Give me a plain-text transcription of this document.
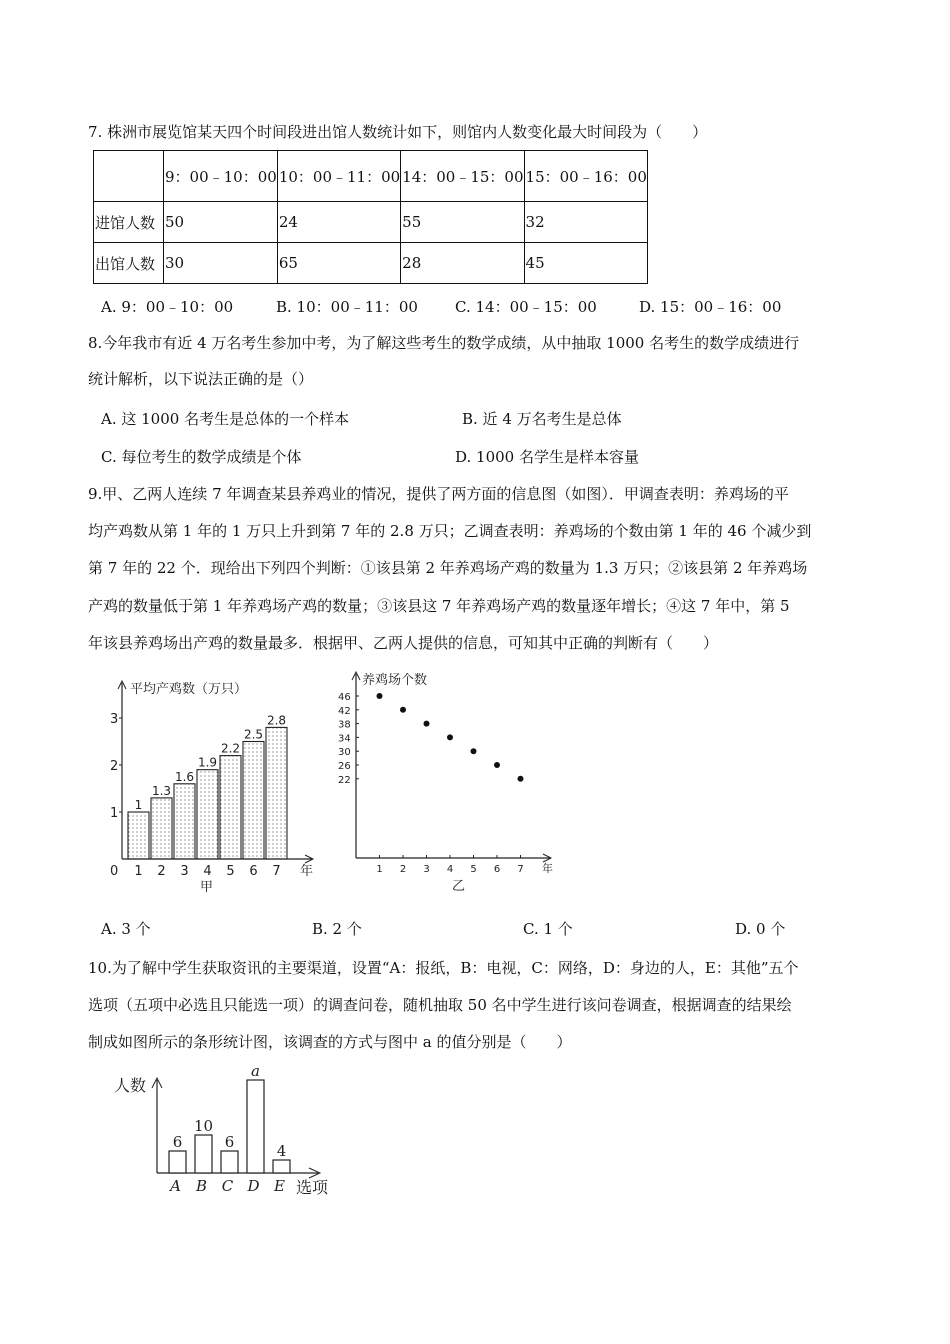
7. 株洲市展览馆某天四个时间段进出馆人数统计如下，则馆内人数变化最大时间段为（　　）
	9：00﹣10：00	10：00﹣11：00	14：00﹣15：00	15：00﹣16：00
进馆人数	50	24	55	32
出馆人数	30	65	28	45
A. 9：00﹣10：00	B. 10：00﹣11：00 C. 14：00﹣15：00	D. 15：00﹣16：00
8.今年我市有近 4 万名考生参加中考，为了解这些考生的数学成绩，从中抽取 1000 名考生的数学成绩进行
统计解析，以下说法正确的是（）
A. 这 1000 名考生是总体的一个样本	B. 近 4 万名考生是总体
C. 每位考生的数学成绩是个体	D. 1000 名学生是样本容量
9.甲、乙两人连续 7 年调查某县养鸡业的情况，提供了两方面的信息图（如图）．甲调查表明：养鸡场的平
均产鸡数从第 1 年的 1 万只上升到第 7 年的 2.8 万只；乙调查表明：养鸡场的个数由第 1 年的 46 个减少到
第 7 年的 22 个．现给出下列四个判断：①该县第 2 年养鸡场产鸡的数量为 1.3 万只；②该县第 2 年养鸡场
产鸡的数量低于第 1 年养鸡场产鸡的数量；③该县这 7 年养鸡场产鸡的数量逐年增长；④这 7 年中，第 5
年该县养鸡场出产鸡的数量最多．根据甲、乙两人提供的信息，可知其中正确的判断有（　　）
平均产鸡数（万只）
1
2
3
0
1
1
1.3
2
1.6
3
1.9
4
2.2
5
2.5
6
2.8
7 年
甲
养鸡场个数
22
26
30
34
38
42
46
1 2 3 4 5 6 7 年
乙
A. 3 个	B. 2 个	C. 1 个	D. 0 个
10.为了解中学生获取资讯的主要渠道，设置“A：报纸，B：电视，C：网络，D：身边的人，E：其他”五个
选项（五项中必选且只能选一项）的调查问卷，随机抽取 50 名中学生进行该问卷调查，根据调查的结果绘
制成如图所示的条形统计图，该调查的方式与图中 a 的值分别是（　　）
人数
6
A
10
B
6
C
a
D
4
E 选项
